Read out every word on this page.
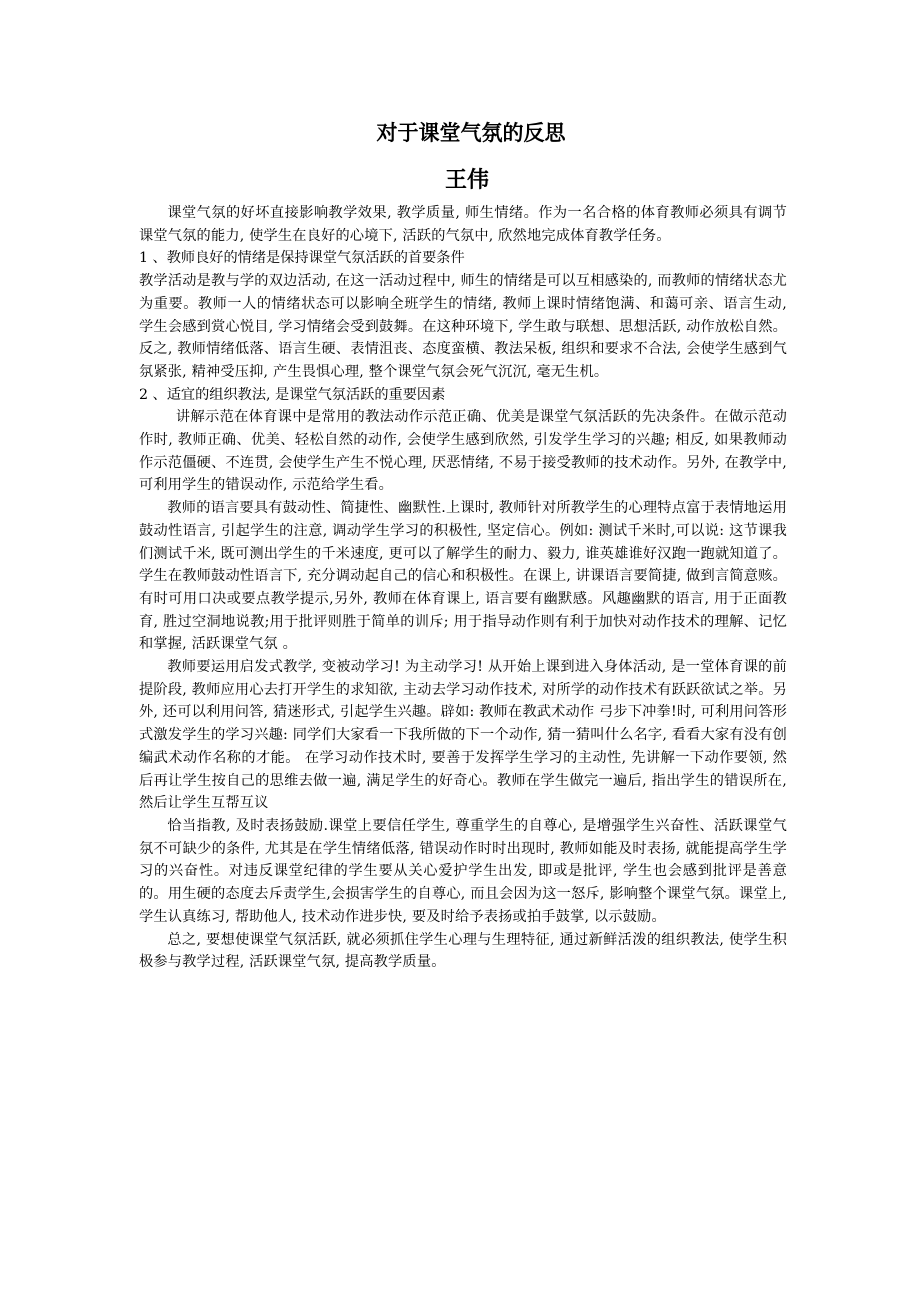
对于课堂气氛的反思
王伟

课堂气氛的好坏直接影响教学效果, 教学质量, 师生情绪。作为一名合格的体育教师必须具有调节课堂气氛的能力, 使学生在良好的心境下, 活跃的气氛中, 欣然地完成体育教学任务。

1 、教师良好的情绪是保持课堂气氛活跃的首要条件

教学活动是教与学的双边活动, 在这一活动过程中, 师生的情绪是可以互相感染的, 而教师的情绪状态尤为重要。教师一人的情绪状态可以影响全班学生的情绪, 教师上课时情绪饱满、和蔼可亲、语言生动, 学生会感到赏心悦目, 学习情绪会受到鼓舞。在这种环境下, 学生敢与联想、思想活跃, 动作放松自然。反之, 教师情绪低落、语言生硬、表情沮丧、态度蛮横、教法呆板, 组织和要求不合法, 会使学生感到气氛紧张, 精神受压抑, 产生畏惧心理, 整个课堂气氛会死气沉沉, 毫无生机。

2 、适宜的组织教法, 是课堂气氛活跃的重要因素

讲解示范在体育课中是常用的教法动作示范正确、优美是课堂气氛活跃的先决条件。在做示范动作时, 教师正确、优美、轻松自然的动作, 会使学生感到欣然, 引发学生学习的兴趣; 相反, 如果教师动作示范僵硬、不连贯, 会使学生产生不悦心理, 厌恶情绪, 不易于接受教师的技术动作。另外, 在教学中, 可利用学生的错误动作, 示范给学生看。

教师的语言要具有鼓动性、简捷性、幽默性.上课时, 教师针对所教学生的心理特点富于表情地运用鼓动性语言, 引起学生的注意, 调动学生学习的积极性, 坚定信心。例如: 测试千米时,可以说: 这节课我们测试千米, 既可测出学生的千米速度, 更可以了解学生的耐力、毅力, 谁英雄谁好汉跑一跑就知道了。学生在教师鼓动性语言下, 充分调动起自己的信心和积极性。在课上, 讲课语言要简捷, 做到言简意赅。有时可用口决或要点教学提示,另外, 教师在体育课上, 语言要有幽默感。风趣幽默的语言, 用于正面教育, 胜过空洞地说教;用于批评则胜于简单的训斥; 用于指导动作则有利于加快对动作技术的理解、记忆和掌握, 活跃课堂气氛 。

教师要运用启发式教学, 变被动学习! 为主动学习! 从开始上课到进入身体活动, 是一堂体育课的前提阶段, 教师应用心去打开学生的求知欲, 主动去学习动作技术, 对所学的动作技术有跃跃欲试之举。另外, 还可以利用问答, 猜迷形式, 引起学生兴趣。辟如: 教师在教武术动作 弓步下冲拳!时, 可利用问答形式激发学生的学习兴趣: 同学们大家看一下我所做的下一个动作, 猜一猜叫什么名字, 看看大家有没有创编武术动作名称的才能。 在学习动作技术时, 要善于发挥学生学习的主动性, 先讲解一下动作要领, 然后再让学生按自己的思维去做一遍, 满足学生的好奇心。教师在学生做完一遍后, 指出学生的错误所在, 然后让学生互帮互议

恰当指教, 及时表扬鼓励.课堂上要信任学生, 尊重学生的自尊心, 是增强学生兴奋性、活跃课堂气氛不可缺少的条件, 尤其是在学生情绪低落, 错误动作时时出现时, 教师如能及时表扬, 就能提高学生学习的兴奋性。对违反课堂纪律的学生要从关心爱护学生出发, 即或是批评, 学生也会感到批评是善意的。用生硬的态度去斥责学生,会损害学生的自尊心, 而且会因为这一怒斥, 影响整个课堂气氛。课堂上, 学生认真练习, 帮助他人, 技术动作进步快, 要及时给予表扬或拍手鼓掌, 以示鼓励。

总之, 要想使课堂气氛活跃, 就必须抓住学生心理与生理特征, 通过新鲜活泼的组织教法, 使学生积极参与教学过程, 活跃课堂气氛, 提高教学质量。
